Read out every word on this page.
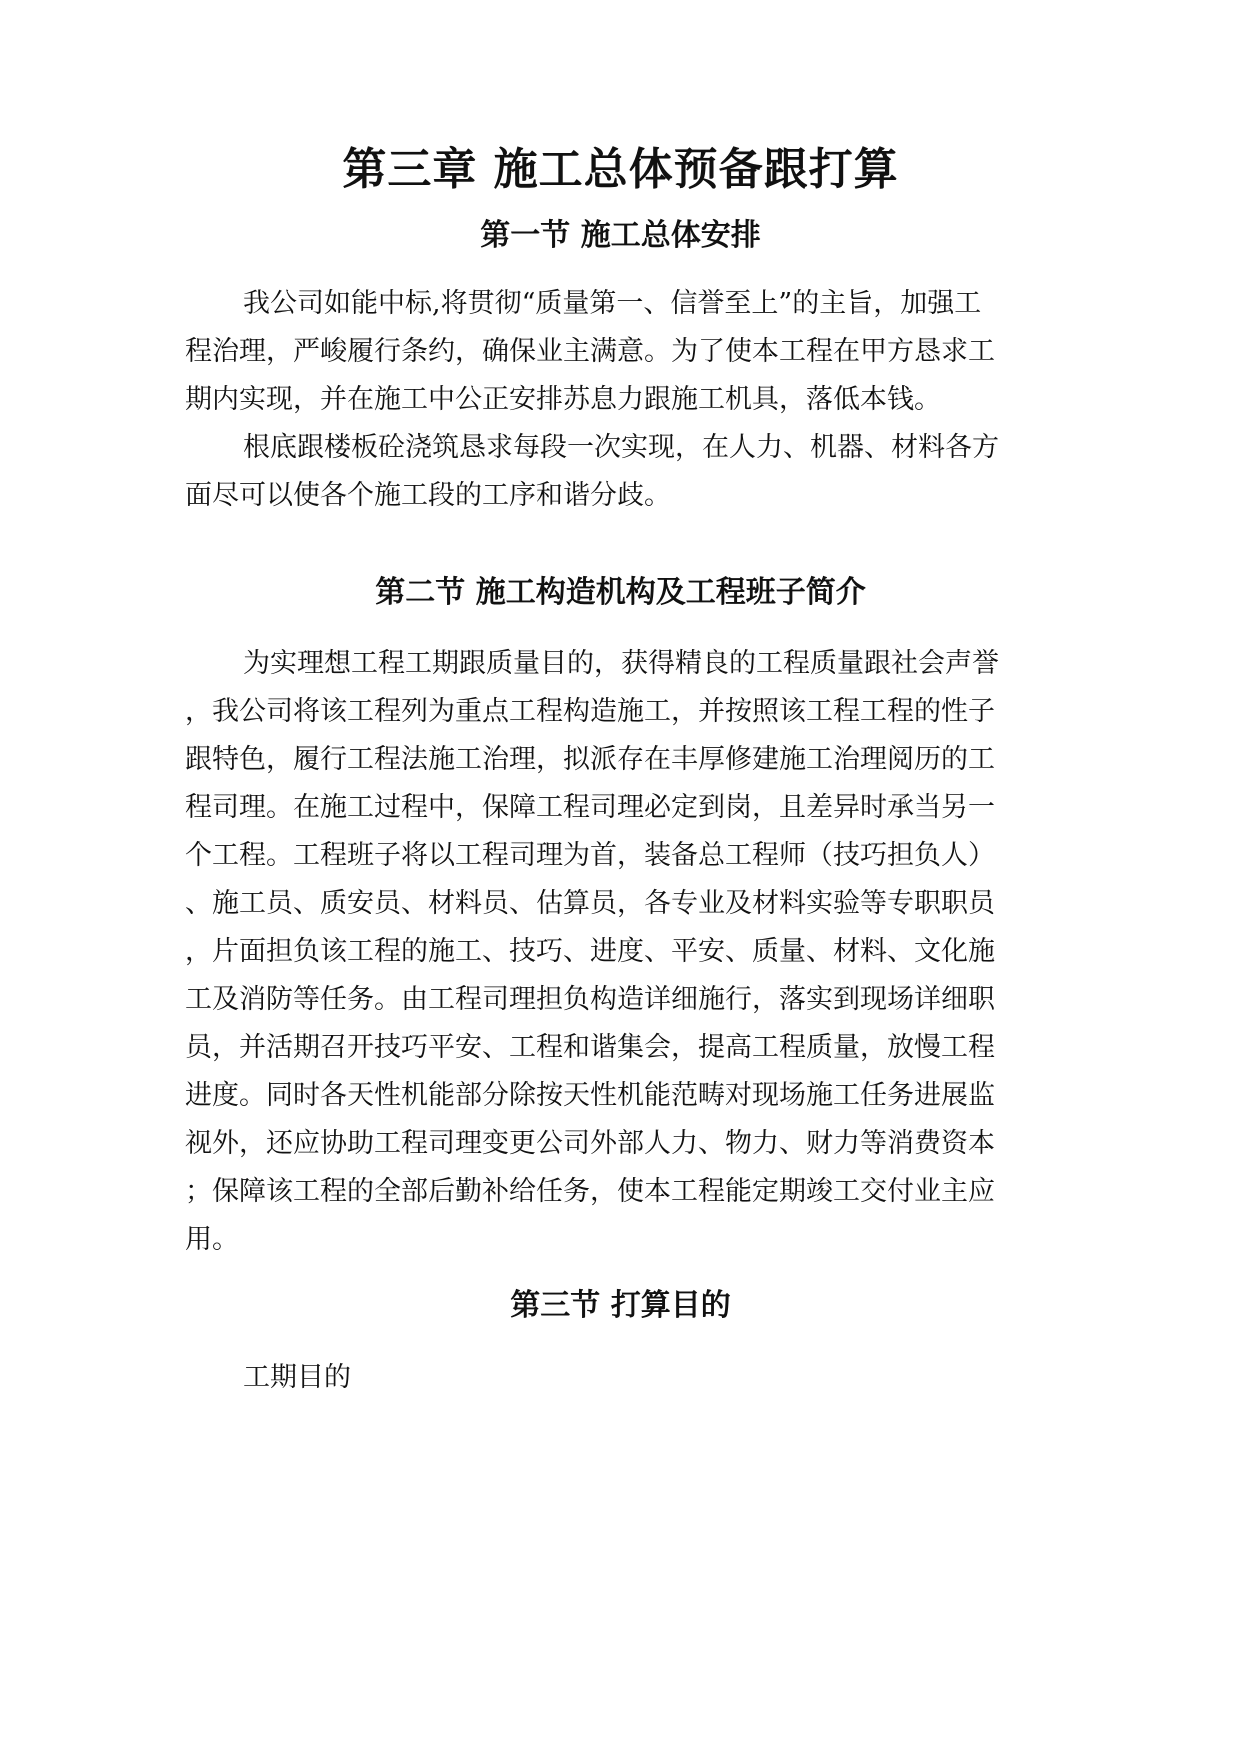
第三章 施工总体预备跟打算
第一节 施工总体安排
我公司如能中标,将贯彻“质量第一、信誉至上”的主旨，加强工
程治理，严峻履行条约，确保业主满意。为了使本工程在甲方恳求工
期内实现，并在施工中公正安排苏息力跟施工机具，落低本钱。
根底跟楼板砼浇筑恳求每段一次实现，在人力、机器、材料各方
面尽可以使各个施工段的工序和谐分歧。
第二节 施工构造机构及工程班子简介
为实理想工程工期跟质量目的，获得精良的工程质量跟社会声誉
，我公司将该工程列为重点工程构造施工，并按照该工程工程的性子
跟特色，履行工程法施工治理，拟派存在丰厚修建施工治理阅历的工
程司理。在施工过程中，保障工程司理必定到岗，且差异时承当另一
个工程。工程班子将以工程司理为首，装备总工程师（技巧担负人）
、施工员、质安员、材料员、估算员，各专业及材料实验等专职职员
，片面担负该工程的施工、技巧、进度、平安、质量、材料、文化施
工及消防等任务。由工程司理担负构造详细施行，落实到现场详细职
员，并活期召开技巧平安、工程和谐集会，提高工程质量，放慢工程
进度。同时各天性机能部分除按天性机能范畴对现场施工任务进展监
视外，还应协助工程司理变更公司外部人力、物力、财力等消费资本
；保障该工程的全部后勤补给任务，使本工程能定期竣工交付业主应
用。
第三节 打算目的
工期目的
